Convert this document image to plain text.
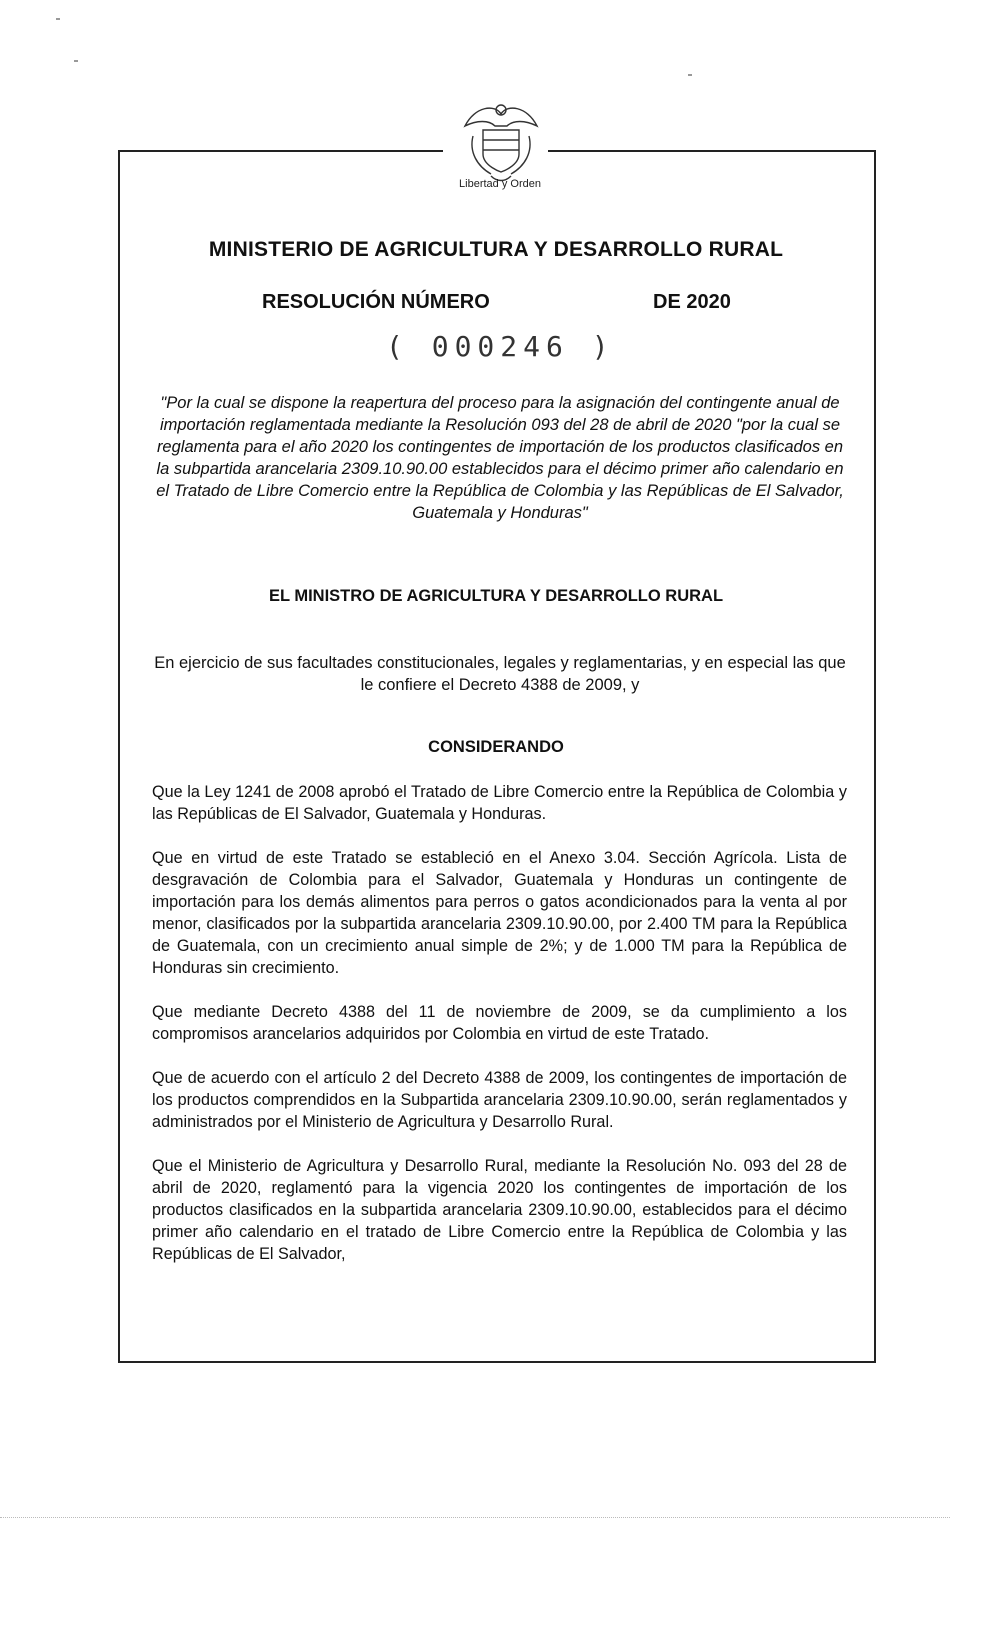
Libertad y Orden
MINISTERIO DE AGRICULTURA Y DESARROLLO RURAL
RESOLUCIÓN NÚMERO	DE 2020
( 000246 )
"Por la cual se dispone la reapertura del proceso para la asignación del contingente anual de importación reglamentada mediante la Resolución 093 del 28 de abril de 2020 "por la cual se reglamenta para el año 2020 los contingentes de importación de los productos clasificados en la subpartida arancelaria 2309.10.90.00 establecidos para el décimo primer año calendario en el Tratado de Libre Comercio entre la República de Colombia y las Repúblicas de El Salvador, Guatemala y Honduras"
EL MINISTRO DE AGRICULTURA Y DESARROLLO RURAL
En ejercicio de sus facultades constitucionales, legales y reglamentarias, y en especial las que le confiere el Decreto 4388 de 2009, y
CONSIDERANDO

Que la Ley 1241 de 2008 aprobó el Tratado de Libre Comercio entre la República de Colombia y las Repúblicas de El Salvador, Guatemala y Honduras.

Que en virtud de este Tratado se estableció en el Anexo 3.04. Sección Agrícola. Lista de desgravación de Colombia para el Salvador, Guatemala y Honduras un contingente de importación para los demás alimentos para perros o gatos acondicionados para la venta al por menor, clasificados por la subpartida arancelaria 2309.10.90.00, por 2.400 TM para la República de Guatemala, con un crecimiento anual simple de 2%; y de 1.000 TM para la República de Honduras sin crecimiento.

Que mediante Decreto 4388 del 11 de noviembre de 2009, se da cumplimiento a los compromisos arancelarios adquiridos por Colombia en virtud de este Tratado.

Que de acuerdo con el artículo 2 del Decreto 4388 de 2009, los contingentes de importación de los productos comprendidos en la Subpartida arancelaria 2309.10.90.00, serán reglamentados y administrados por el Ministerio de Agricultura y Desarrollo Rural.

Que el Ministerio de Agricultura y Desarrollo Rural, mediante la Resolución No. 093 del 28 de abril de 2020, reglamentó para la vigencia 2020 los contingentes de importación de los productos clasificados en la subpartida arancelaria 2309.10.90.00, establecidos para el décimo primer año calendario en el tratado de Libre Comercio entre la República de Colombia y las Repúblicas de El Salvador,
